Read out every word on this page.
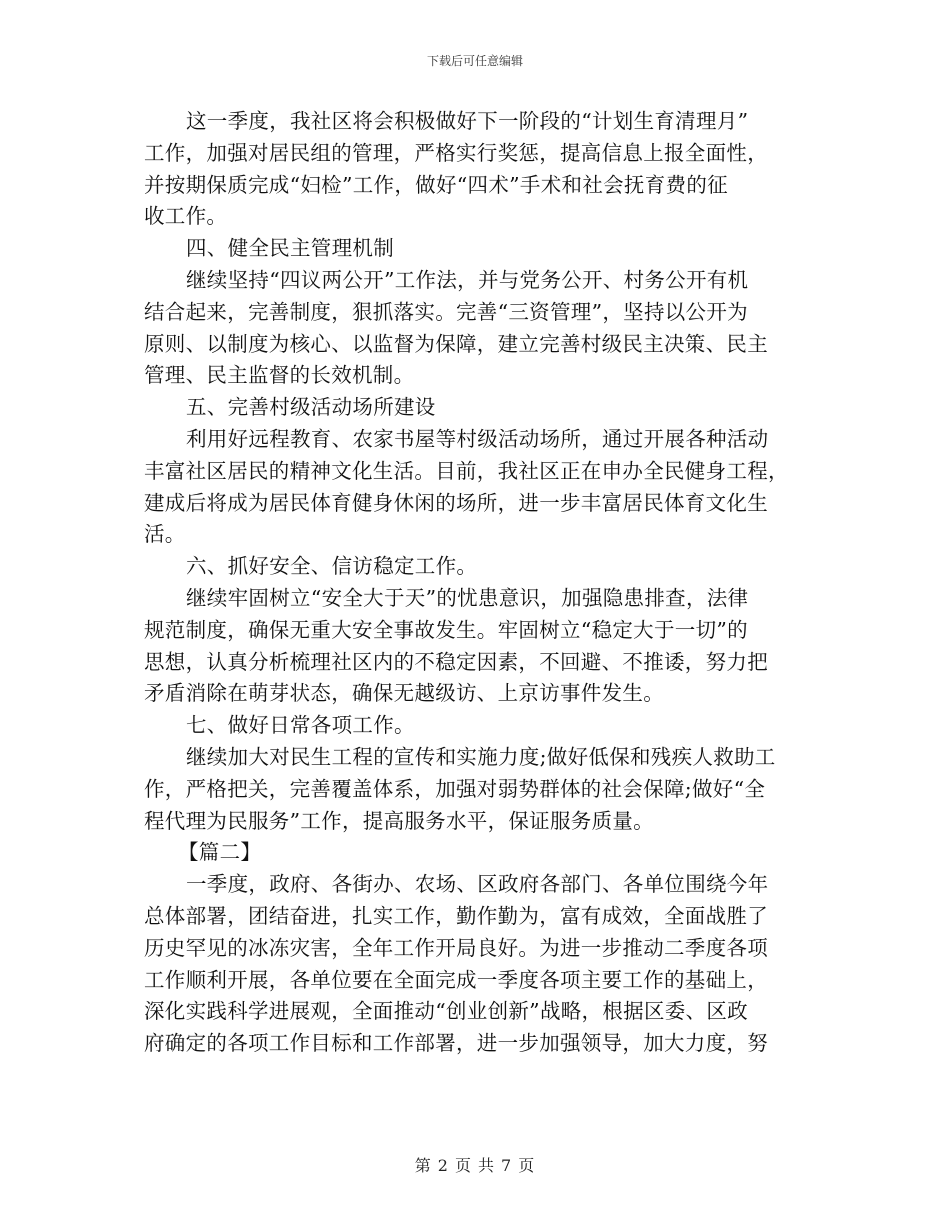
下载后可任意编辑
这一季度，我社区将会积极做好下一阶段的“计划生育清理月”
工作，加强对居民组的管理，严格实行奖惩，提高信息上报全面性，
并按期保质完成“妇检”工作，做好“四术”手术和社会抚育费的征
收工作。
四、健全民主管理机制
继续坚持“四议两公开”工作法，并与党务公开、村务公开有机
结合起来，完善制度，狠抓落实。完善“三资管理”，坚持以公开为
原则、以制度为核心、以监督为保障，建立完善村级民主决策、民主
管理、民主监督的长效机制。
五、完善村级活动场所建设
利用好远程教育、农家书屋等村级活动场所，通过开展各种活动
丰富社区居民的精神文化生活。目前，我社区正在申办全民健身工程，
建成后将成为居民体育健身休闲的场所，进一步丰富居民体育文化生
活。
六、抓好安全、信访稳定工作。
继续牢固树立“安全大于天”的忧患意识，加强隐患排查，法律
规范制度，确保无重大安全事故发生。牢固树立“稳定大于一切”的
思想，认真分析梳理社区内的不稳定因素，不回避、不推诿，努力把
矛盾消除在萌芽状态，确保无越级访、上京访事件发生。
七、做好日常各项工作。
继续加大对民生工程的宣传和实施力度;做好低保和残疾人救助工
作，严格把关，完善覆盖体系，加强对弱势群体的社会保障;做好“全
程代理为民服务”工作，提高服务水平，保证服务质量。
【篇二】
一季度，政府、各街办、农场、区政府各部门、各单位围绕今年
总体部署，团结奋进，扎实工作，勤作勤为，富有成效，全面战胜了
历史罕见的冰冻灾害，全年工作开局良好。为进一步推动二季度各项
工作顺利开展，各单位要在全面完成一季度各项主要工作的基础上，
深化实践科学进展观，全面推动“创业创新”战略，根据区委、区政
府确定的各项工作目标和工作部署，进一步加强领导，加大力度，努
第 2 页 共 7 页
